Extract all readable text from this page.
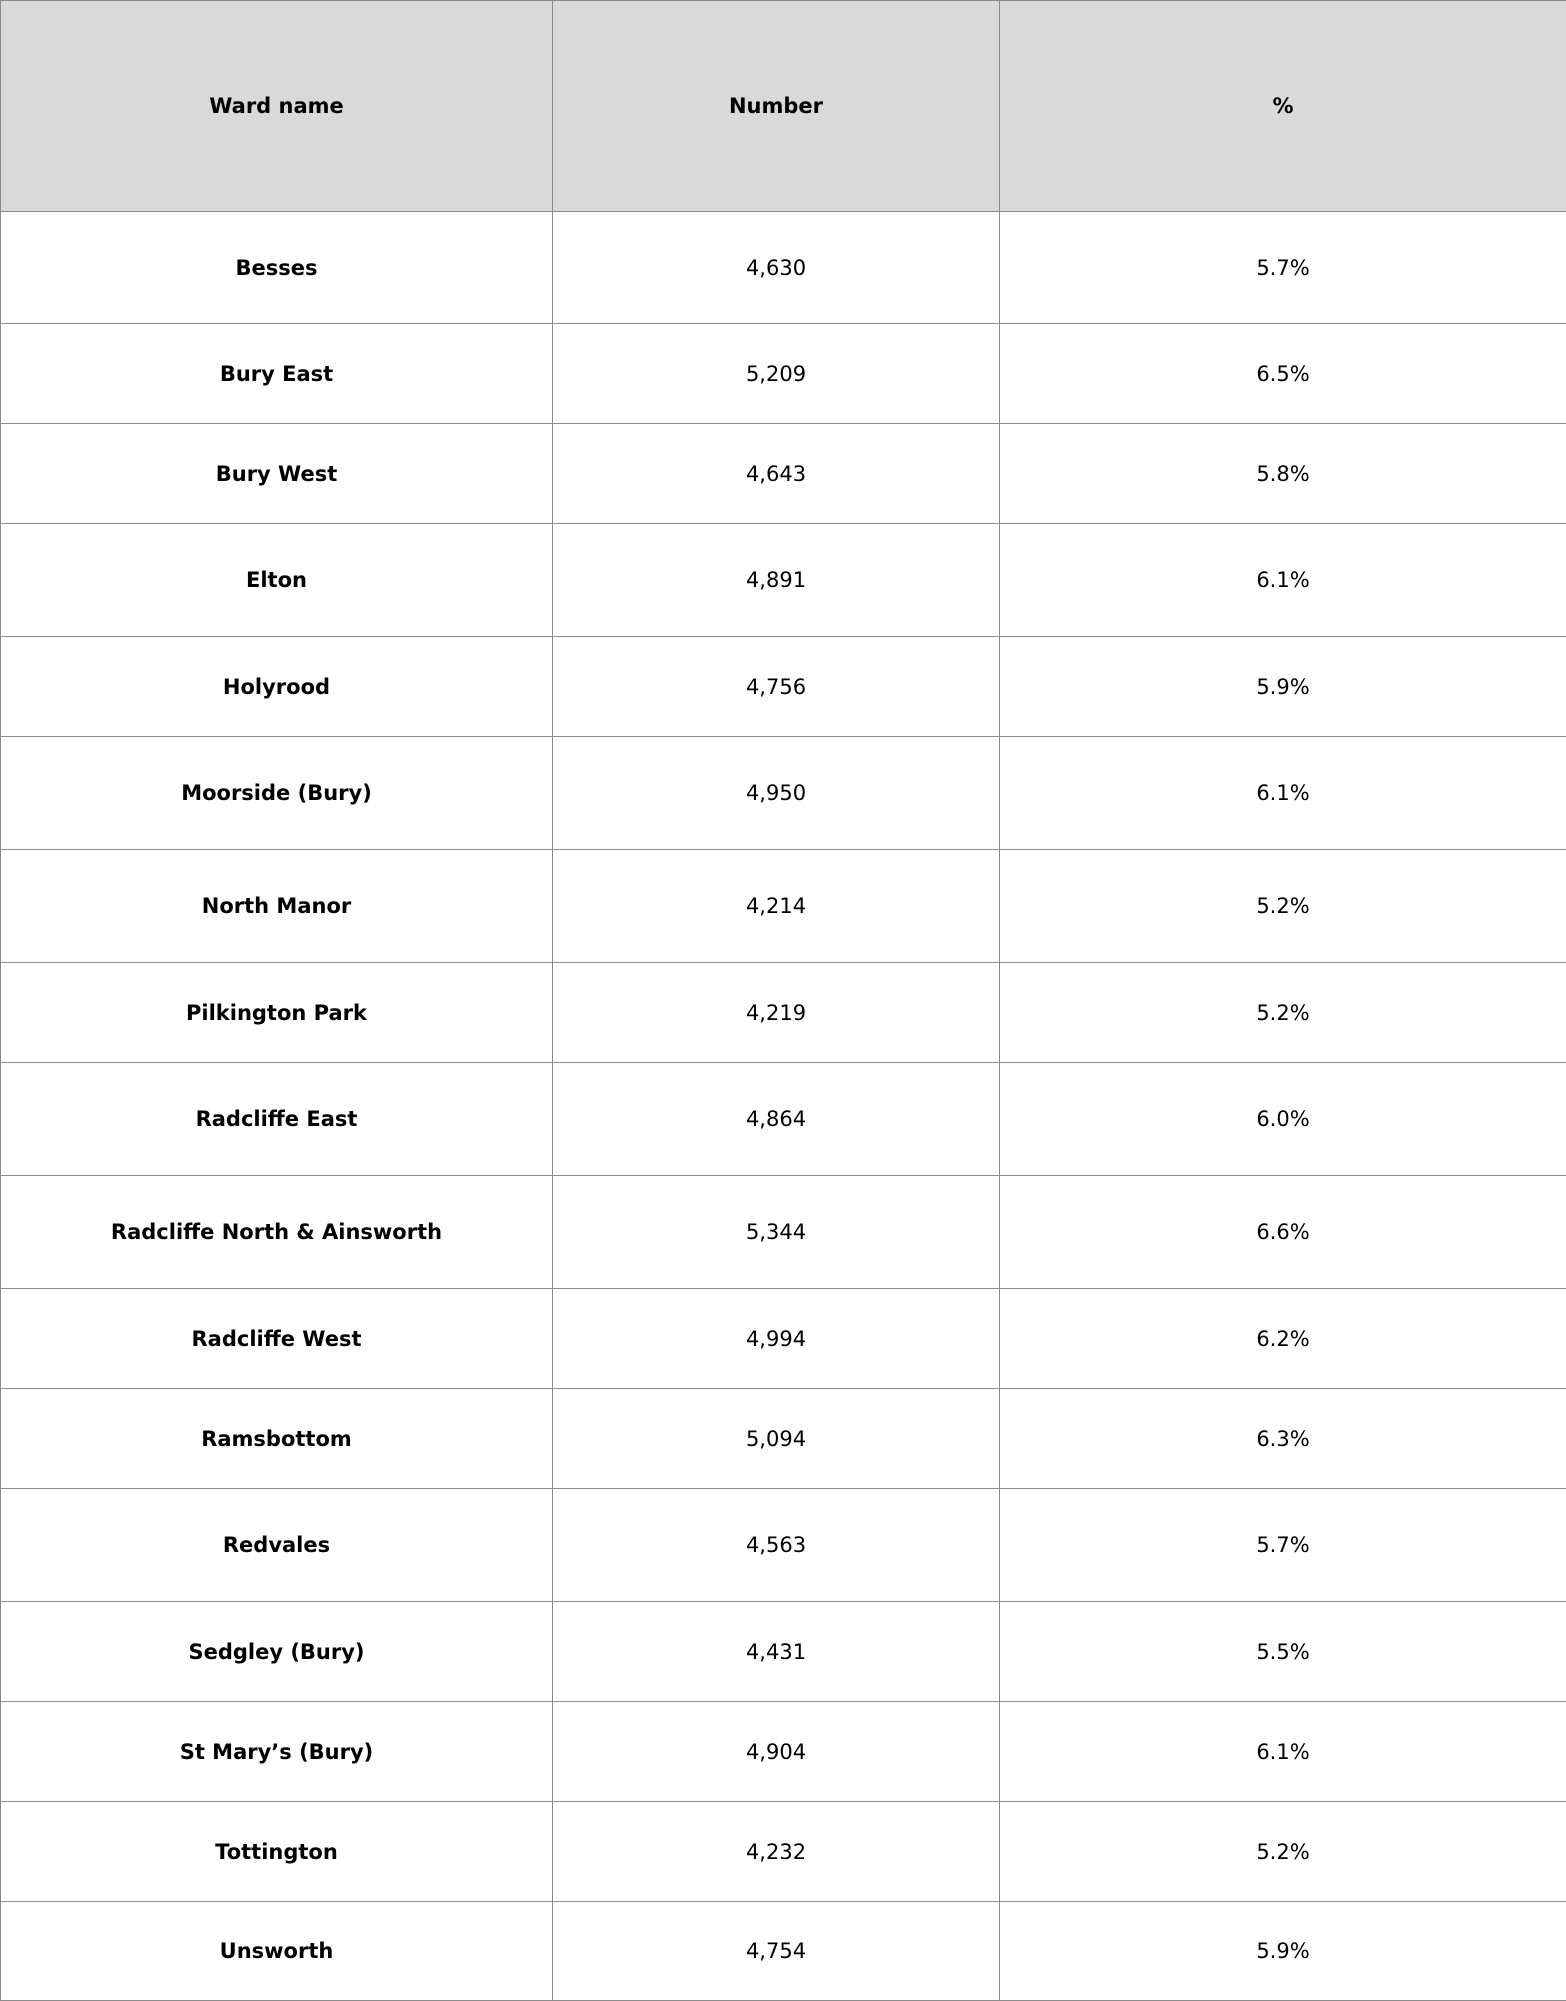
Ward name	Number	%
Besses	4,630	5.7%
Bury East	5,209	6.5%
Bury West	4,643	5.8%
Elton	4,891	6.1%
Holyrood	4,756	5.9%
Moorside (Bury)	4,950	6.1%
North Manor	4,214	5.2%
Pilkington Park	4,219	5.2%
Radcliffe East	4,864	6.0%
Radcliffe North & Ainsworth	5,344	6.6%
Radcliffe West	4,994	6.2%
Ramsbottom	5,094	6.3%
Redvales	4,563	5.7%
Sedgley (Bury)	4,431	5.5%
St Mary’s (Bury)	4,904	6.1%
Tottington	4,232	5.2%
Unsworth	4,754	5.9%
